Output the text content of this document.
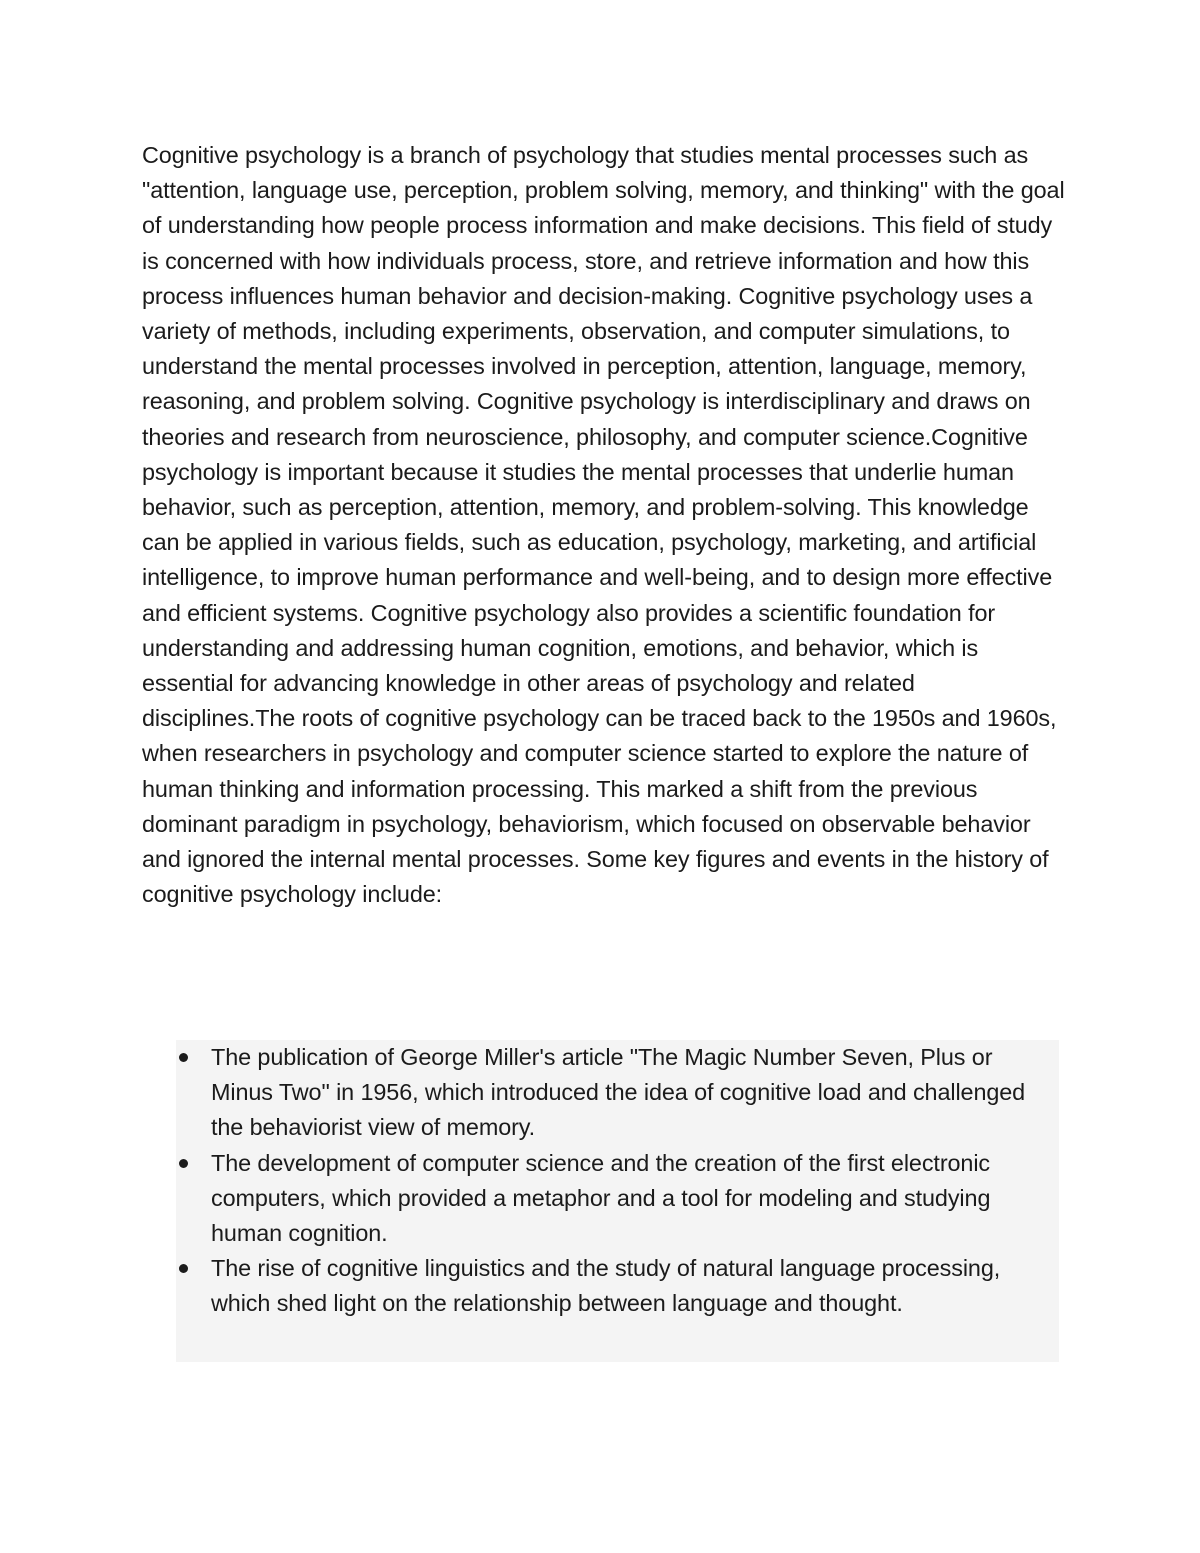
Cognitive psychology is a branch of psychology that studies mental processes such as "attention, language use, perception, problem solving, memory, and thinking" with the goal of understanding how people process information and make decisions. This field of study is concerned with how individuals process, store, and retrieve information and how this process influences human behavior and decision-making. Cognitive psychology uses a variety of methods, including experiments, observation, and computer simulations, to understand the mental processes involved in perception, attention, language, memory, reasoning, and problem solving. Cognitive psychology is interdisciplinary and draws on theories and research from neuroscience, philosophy, and computer science.Cognitive psychology is important because it studies the mental processes that underlie human behavior, such as perception, attention, memory, and problem-solving. This knowledge can be applied in various fields, such as education, psychology, marketing, and artificial intelligence, to improve human performance and well-being, and to design more effective and efficient systems. Cognitive psychology also provides a scientific foundation for understanding and addressing human cognition, emotions, and behavior, which is essential for advancing knowledge in other areas of psychology and related disciplines.The roots of cognitive psychology can be traced back to the 1950s and 1960s, when researchers in psychology and computer science started to explore the nature of human thinking and information processing. This marked a shift from the previous dominant paradigm in psychology, behaviorism, which focused on observable behavior and ignored the internal mental processes. Some key figures and events in the history of cognitive psychology include:

The publication of George Miller's article "The Magic Number Seven, Plus or Minus Two" in 1956, which introduced the idea of cognitive load and challenged the behaviorist view of memory.
The development of computer science and the creation of the first electronic computers, which provided a metaphor and a tool for modeling and studying human cognition.
The rise of cognitive linguistics and the study of natural language processing, which shed light on the relationship between language and thought.
